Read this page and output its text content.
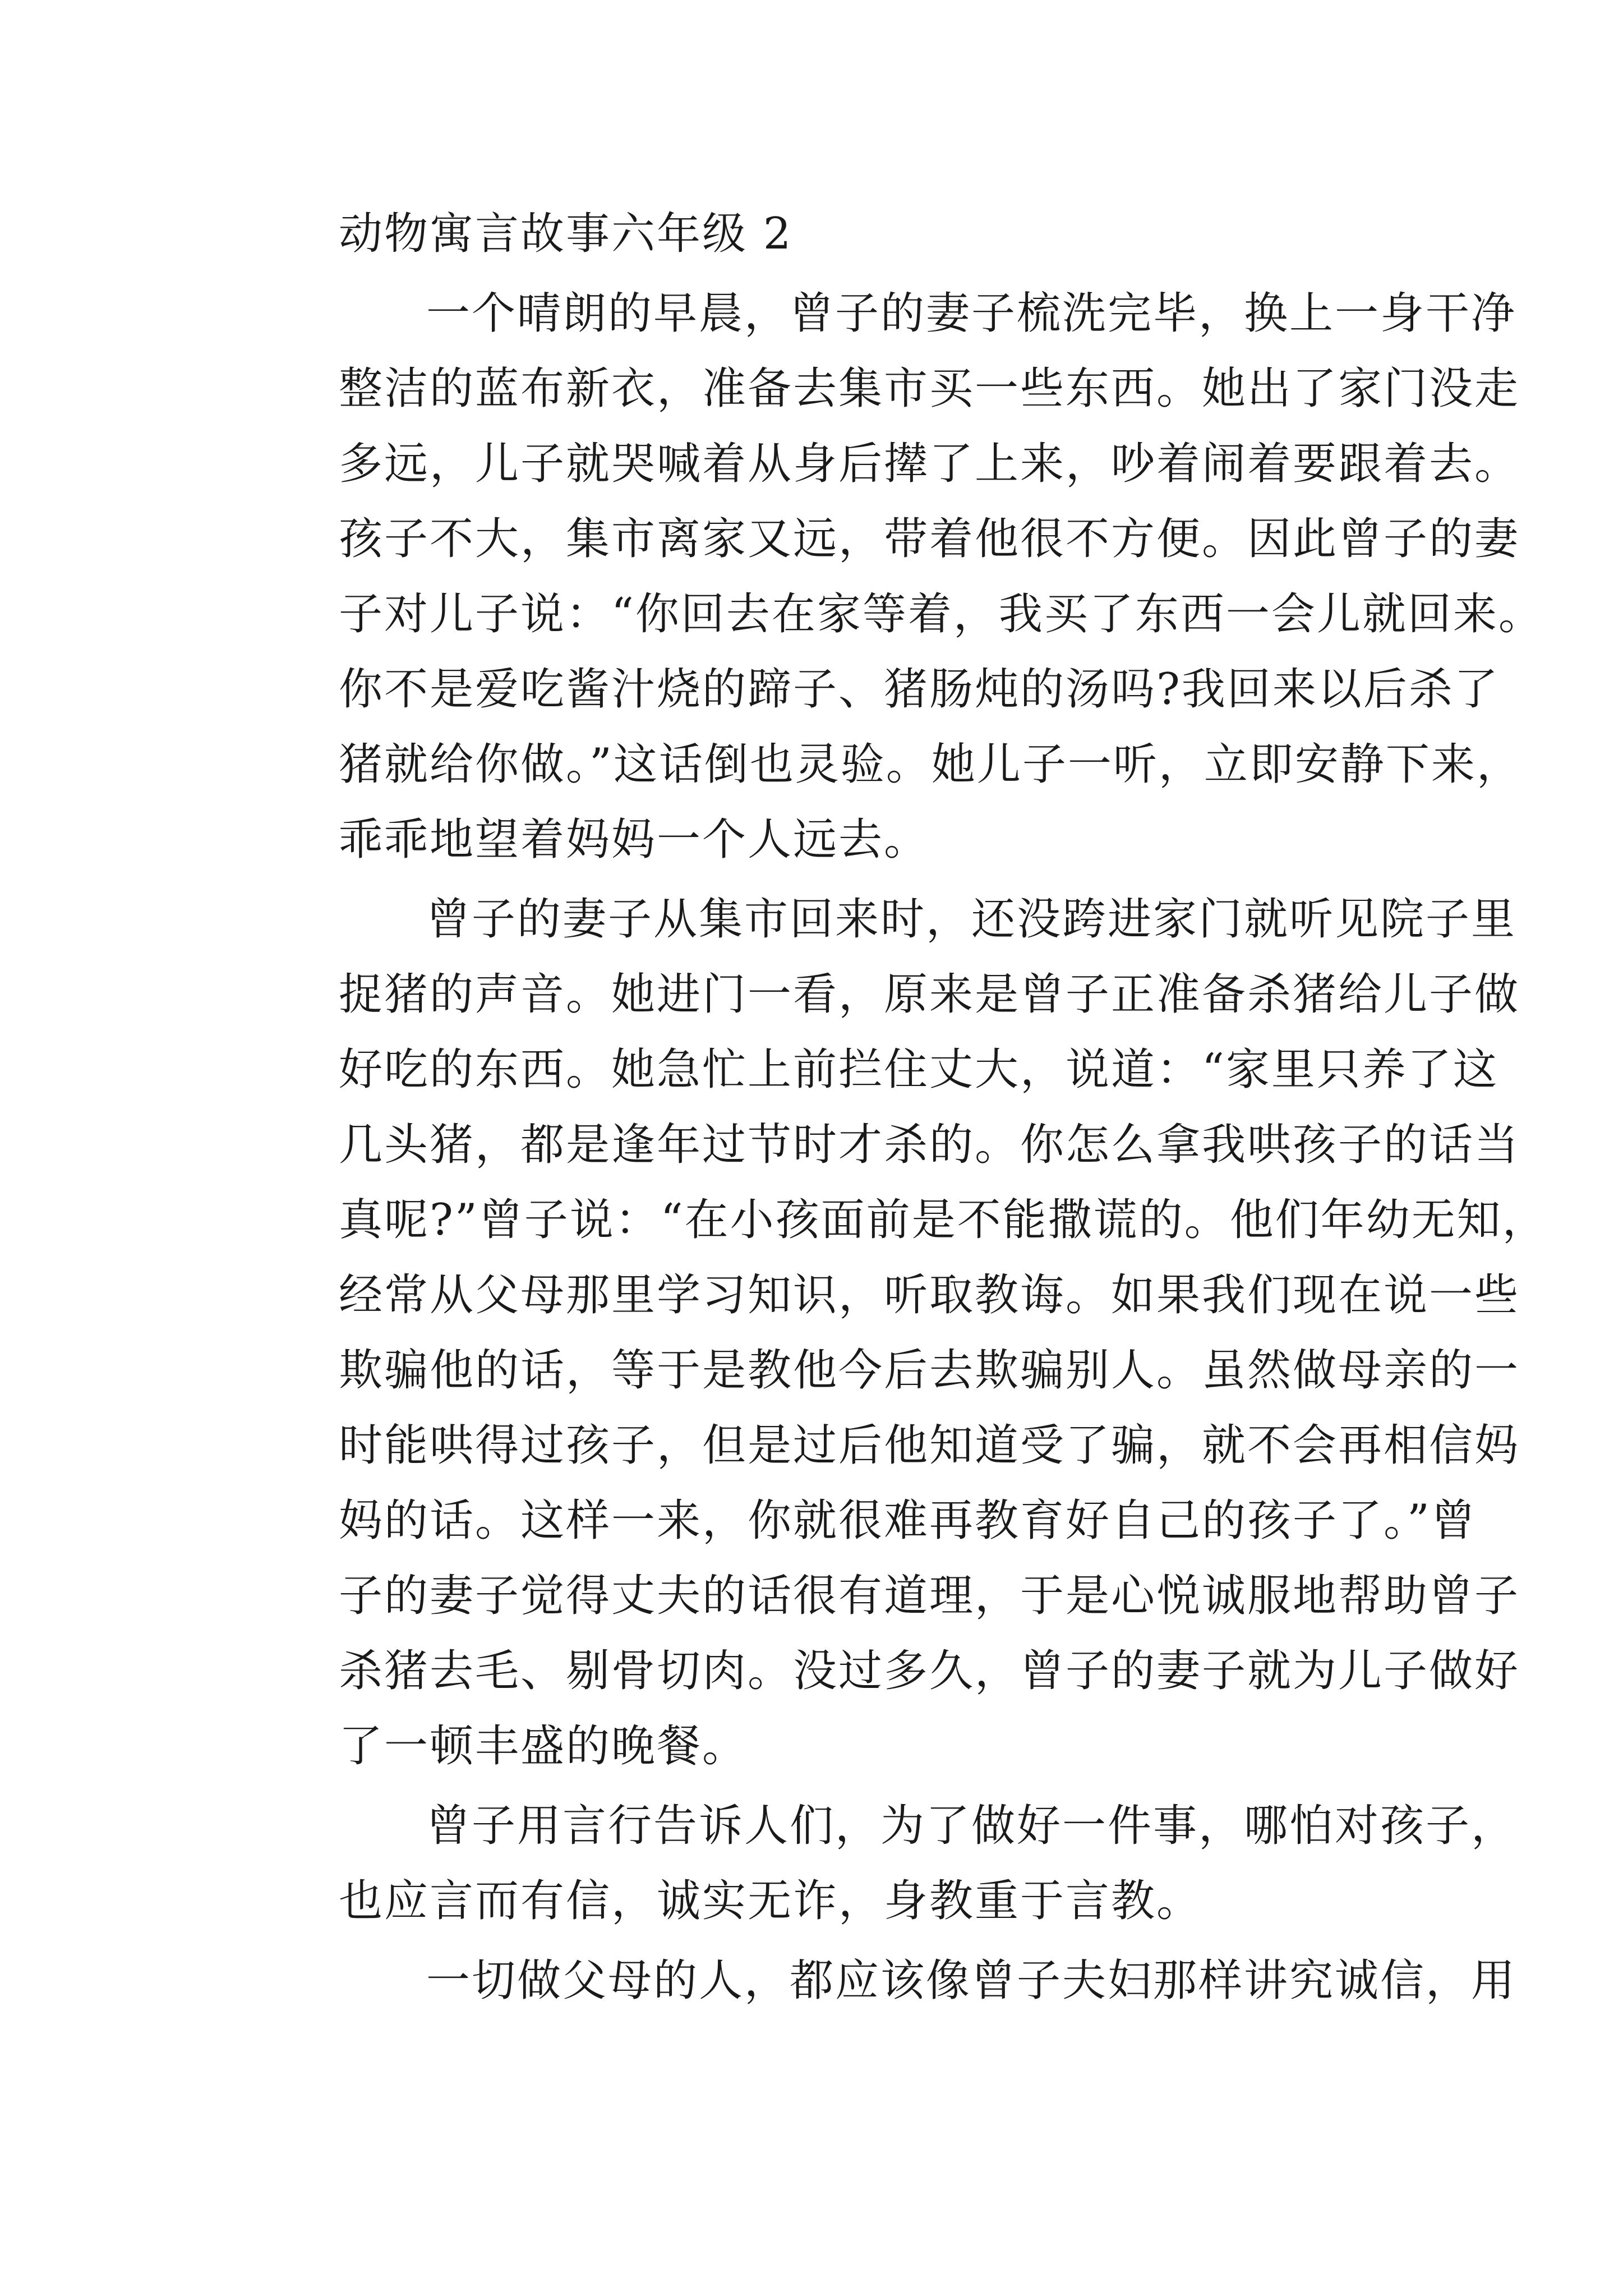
动物寓言故事六年级 2
一个晴朗的早晨，曾子的妻子梳洗完毕，换上一身干净
整洁的蓝布新衣，准备去集市买一些东西。她出了家门没走
多远，儿子就哭喊着从身后撵了上来，吵着闹着要跟着去。
孩子不大，集市离家又远，带着他很不方便。因此曾子的妻
子对儿子说：“你回去在家等着，我买了东西一会儿就回来。
你不是爱吃酱汁烧的蹄子、猪肠炖的汤吗?我回来以后杀了
猪就给你做。”这话倒也灵验。她儿子一听，立即安静下来，
乖乖地望着妈妈一个人远去。
曾子的妻子从集市回来时，还没跨进家门就听见院子里
捉猪的声音。她进门一看，原来是曾子正准备杀猪给儿子做
好吃的东西。她急忙上前拦住丈大，说道：“家里只养了这
几头猪，都是逢年过节时才杀的。你怎么拿我哄孩子的话当
真呢?”曾子说：“在小孩面前是不能撒谎的。他们年幼无知，
经常从父母那里学习知识，听取教诲。如果我们现在说一些
欺骗他的话，等于是教他今后去欺骗别人。虽然做母亲的一
时能哄得过孩子，但是过后他知道受了骗，就不会再相信妈
妈的话。这样一来，你就很难再教育好自己的孩子了。”曾
子的妻子觉得丈夫的话很有道理，于是心悦诚服地帮助曾子
杀猪去毛、剔骨切肉。没过多久，曾子的妻子就为儿子做好
了一顿丰盛的晚餐。
曾子用言行告诉人们，为了做好一件事，哪怕对孩子，
也应言而有信，诚实无诈，身教重于言教。
一切做父母的人，都应该像曾子夫妇那样讲究诚信，用
